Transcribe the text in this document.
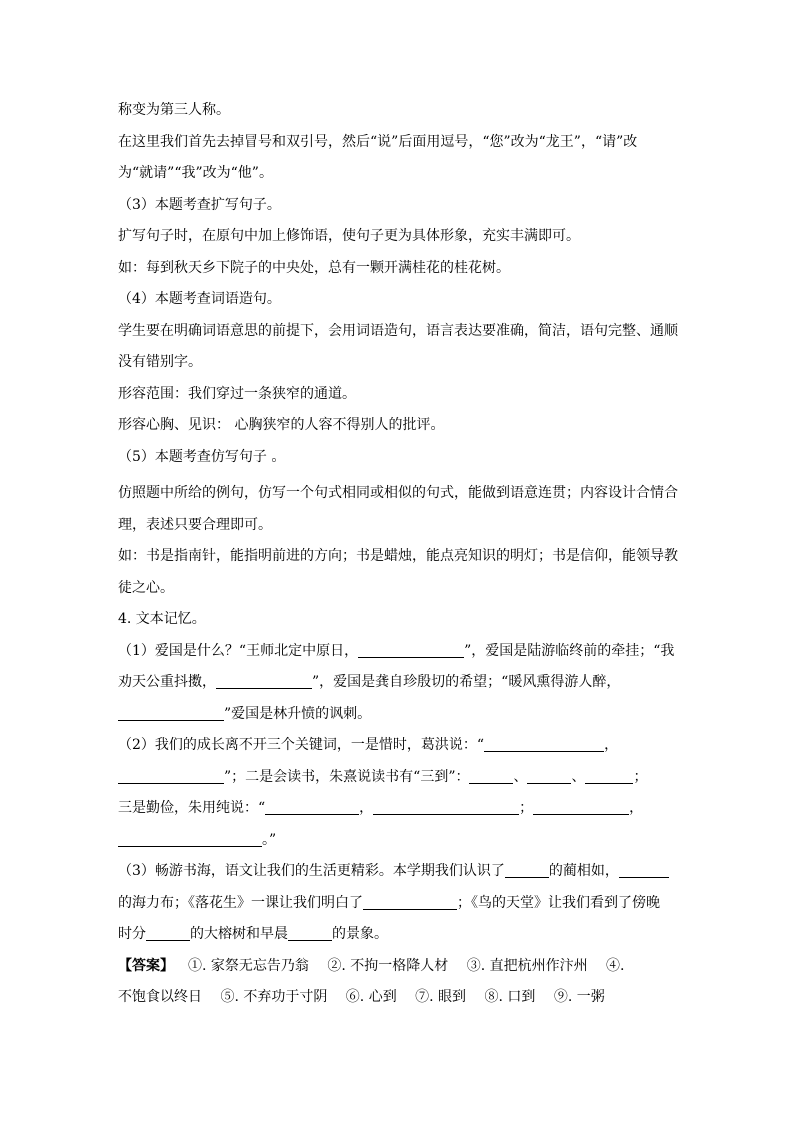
称变为第三人称。
在这里我们首先去掉冒号和双引号，然后“说”后面用逗号，“您”改为“龙王”，“请”改
为“就请”“我”改为“他”。
（3）本题考查扩写句子。
扩写句子时，在原句中加上修饰语，使句子更为具体形象，充实丰满即可。
如：每到秋天乡下院子的中央处，总有一颗开满桂花的桂花树。
（4）本题考查词语造句。
学生要在明确词语意思的前提下，会用词语造句，语言表达要准确，简洁，语句完整、通顺
没有错别字。
形容范围：我们穿过一条狭窄的通道。
形容心胸、见识： 心胸狭窄的人容不得别人的批评。
（5）本题考查仿写句子 。
仿照题中所给的例句，仿写一个句式相同或相似的句式，能做到语意连贯；内容设计合情合
理，表述只要合理即可。
如：书是指南针，能指明前进的方向；书是蜡烛，能点亮知识的明灯；书是信仰，能领导教
徒之心。
4. 文本记忆。
（1）爱国是什么？“王师北定中原日，	”，爱国是陆游临终前的牵挂；“我
劝天公重抖擞，	”，爱国是龚自珍殷切的希望；“暖风熏得游人醉，
”爱国是林升愤的讽刺。
（2）我们的成长离不开三个关键词，一是惜时，葛洪说：“	，
”；二是会读书，朱熹说读书有“三到”：	、	、	；
三是勤俭，朱用纯说：“	，	；	，
。”
（3）畅游书海，语文让我们的生活更精彩。本学期我们认识了	的蔺相如，
的海力布；《落花生》一课让我们明白了	；《鸟的天堂》让我们看到了傍晚
时分	的大榕树和早晨	的景象。
【答案】 ①. 家祭无忘告乃翁　 ②. 不拘一格降人材　 ③. 直把杭州作汴州　 ④.
不饱食以终日　 ⑤. 不弃功于寸阴　 ⑥. 心到　 ⑦. 眼到　 ⑧. 口到　 ⑨. 一粥
